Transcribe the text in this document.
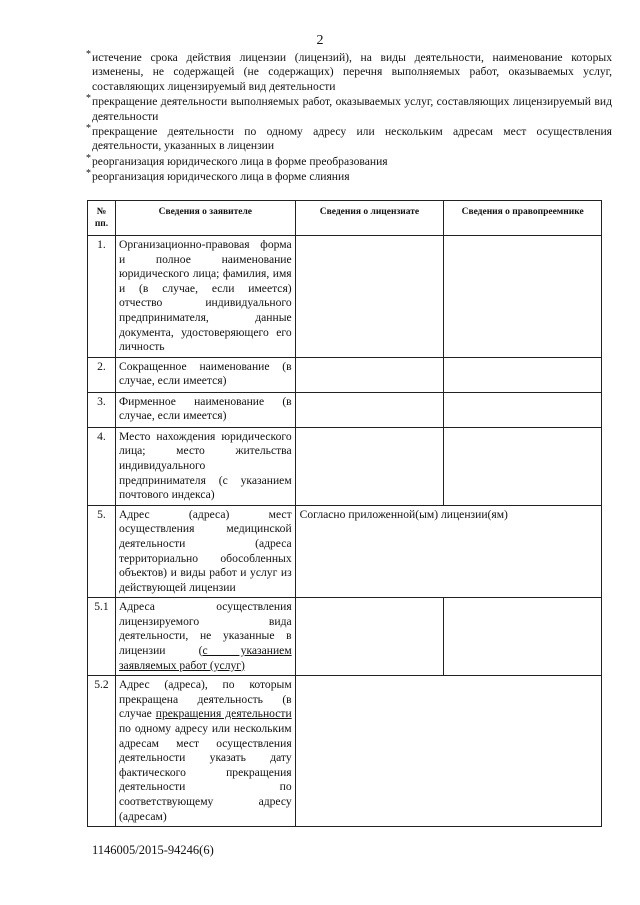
2
* истечение срока действия лицензии (лицензий), на виды деятельности, наименование которых изменены, не содержащей (не содержащих) перечня выполняемых работ, оказываемых услуг, составляющих лицензируемый вид деятельности
* прекращение деятельности выполняемых работ, оказываемых услуг, составляющих лицензируемый вид деятельности
* прекращение деятельности по одному адресу или нескольким адресам мест осуществления деятельности, указанных в лицензии
* реорганизация юридического лица в форме преобразования
* реорганизация юридического лица в форме слияния
№ пп.	Сведения о заявителе	Сведения о лицензиате	Сведения о правопреемнике
1.	Организационно-правовая форма и полное наименование юридического лица; фамилия, имя и (в случае, если имеется) отчество индивидуального предпринимателя, данные документа, удостоверяющего его личность		
2.	Сокращенное наименование (в случае, если имеется)		
3.	Фирменное наименование (в случае, если имеется)		
4.	Место нахождения юридического лица; место жительства индивидуального предпринимателя (с указанием почтового индекса)		
5.	Адрес (адреса) мест осуществления медицинской деятельности (адреса территориально обособленных объектов) и виды работ и услуг из действующей лицензии	Согласно приложенной(ым) лицензии(ям)	
5.1	Адреса осуществления лицензируемого вида деятельности, не указанные в лицензии (с указанием заявляемых работ (услуг)		
5.2	Адрес (адреса), по которым прекращена деятельность (в случае прекращения деятельности по одному адресу или нескольким адресам мест осуществления деятельности указать дату фактического прекращения деятельности по соответствующему адресу (адресам)		
1146005/2015-94246(6)
